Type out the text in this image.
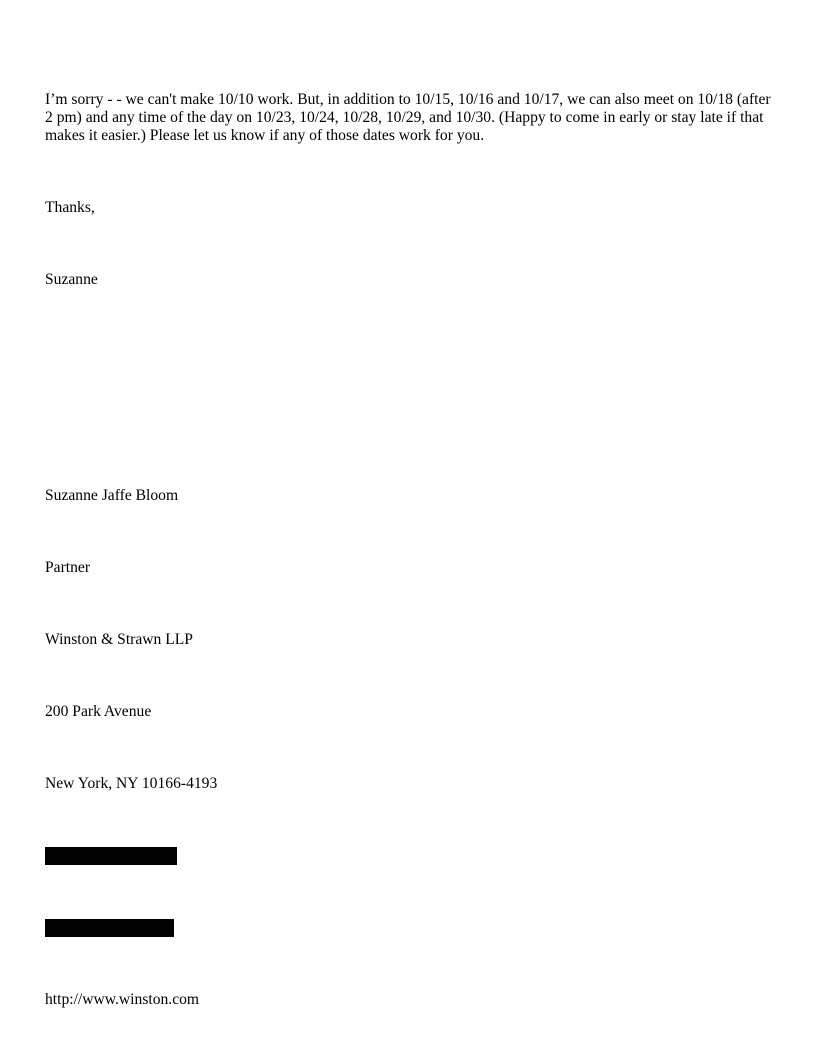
I’m sorry - - we can't make 10/10 work. But, in addition to 10/15, 10/16 and 10/17, we can also meet on 10/18 (after 2 pm) and any time of the day on 10/23, 10/24, 10/28, 10/29, and 10/30. (Happy to come in early or stay late if that makes it easier.) Please let us know if any of those dates work for you.
Thanks,
Suzanne
Suzanne Jaffe Bloom
Partner
Winston & Strawn LLP
200 Park Avenue
New York, NY 10166-4193
http://www.winston.com
